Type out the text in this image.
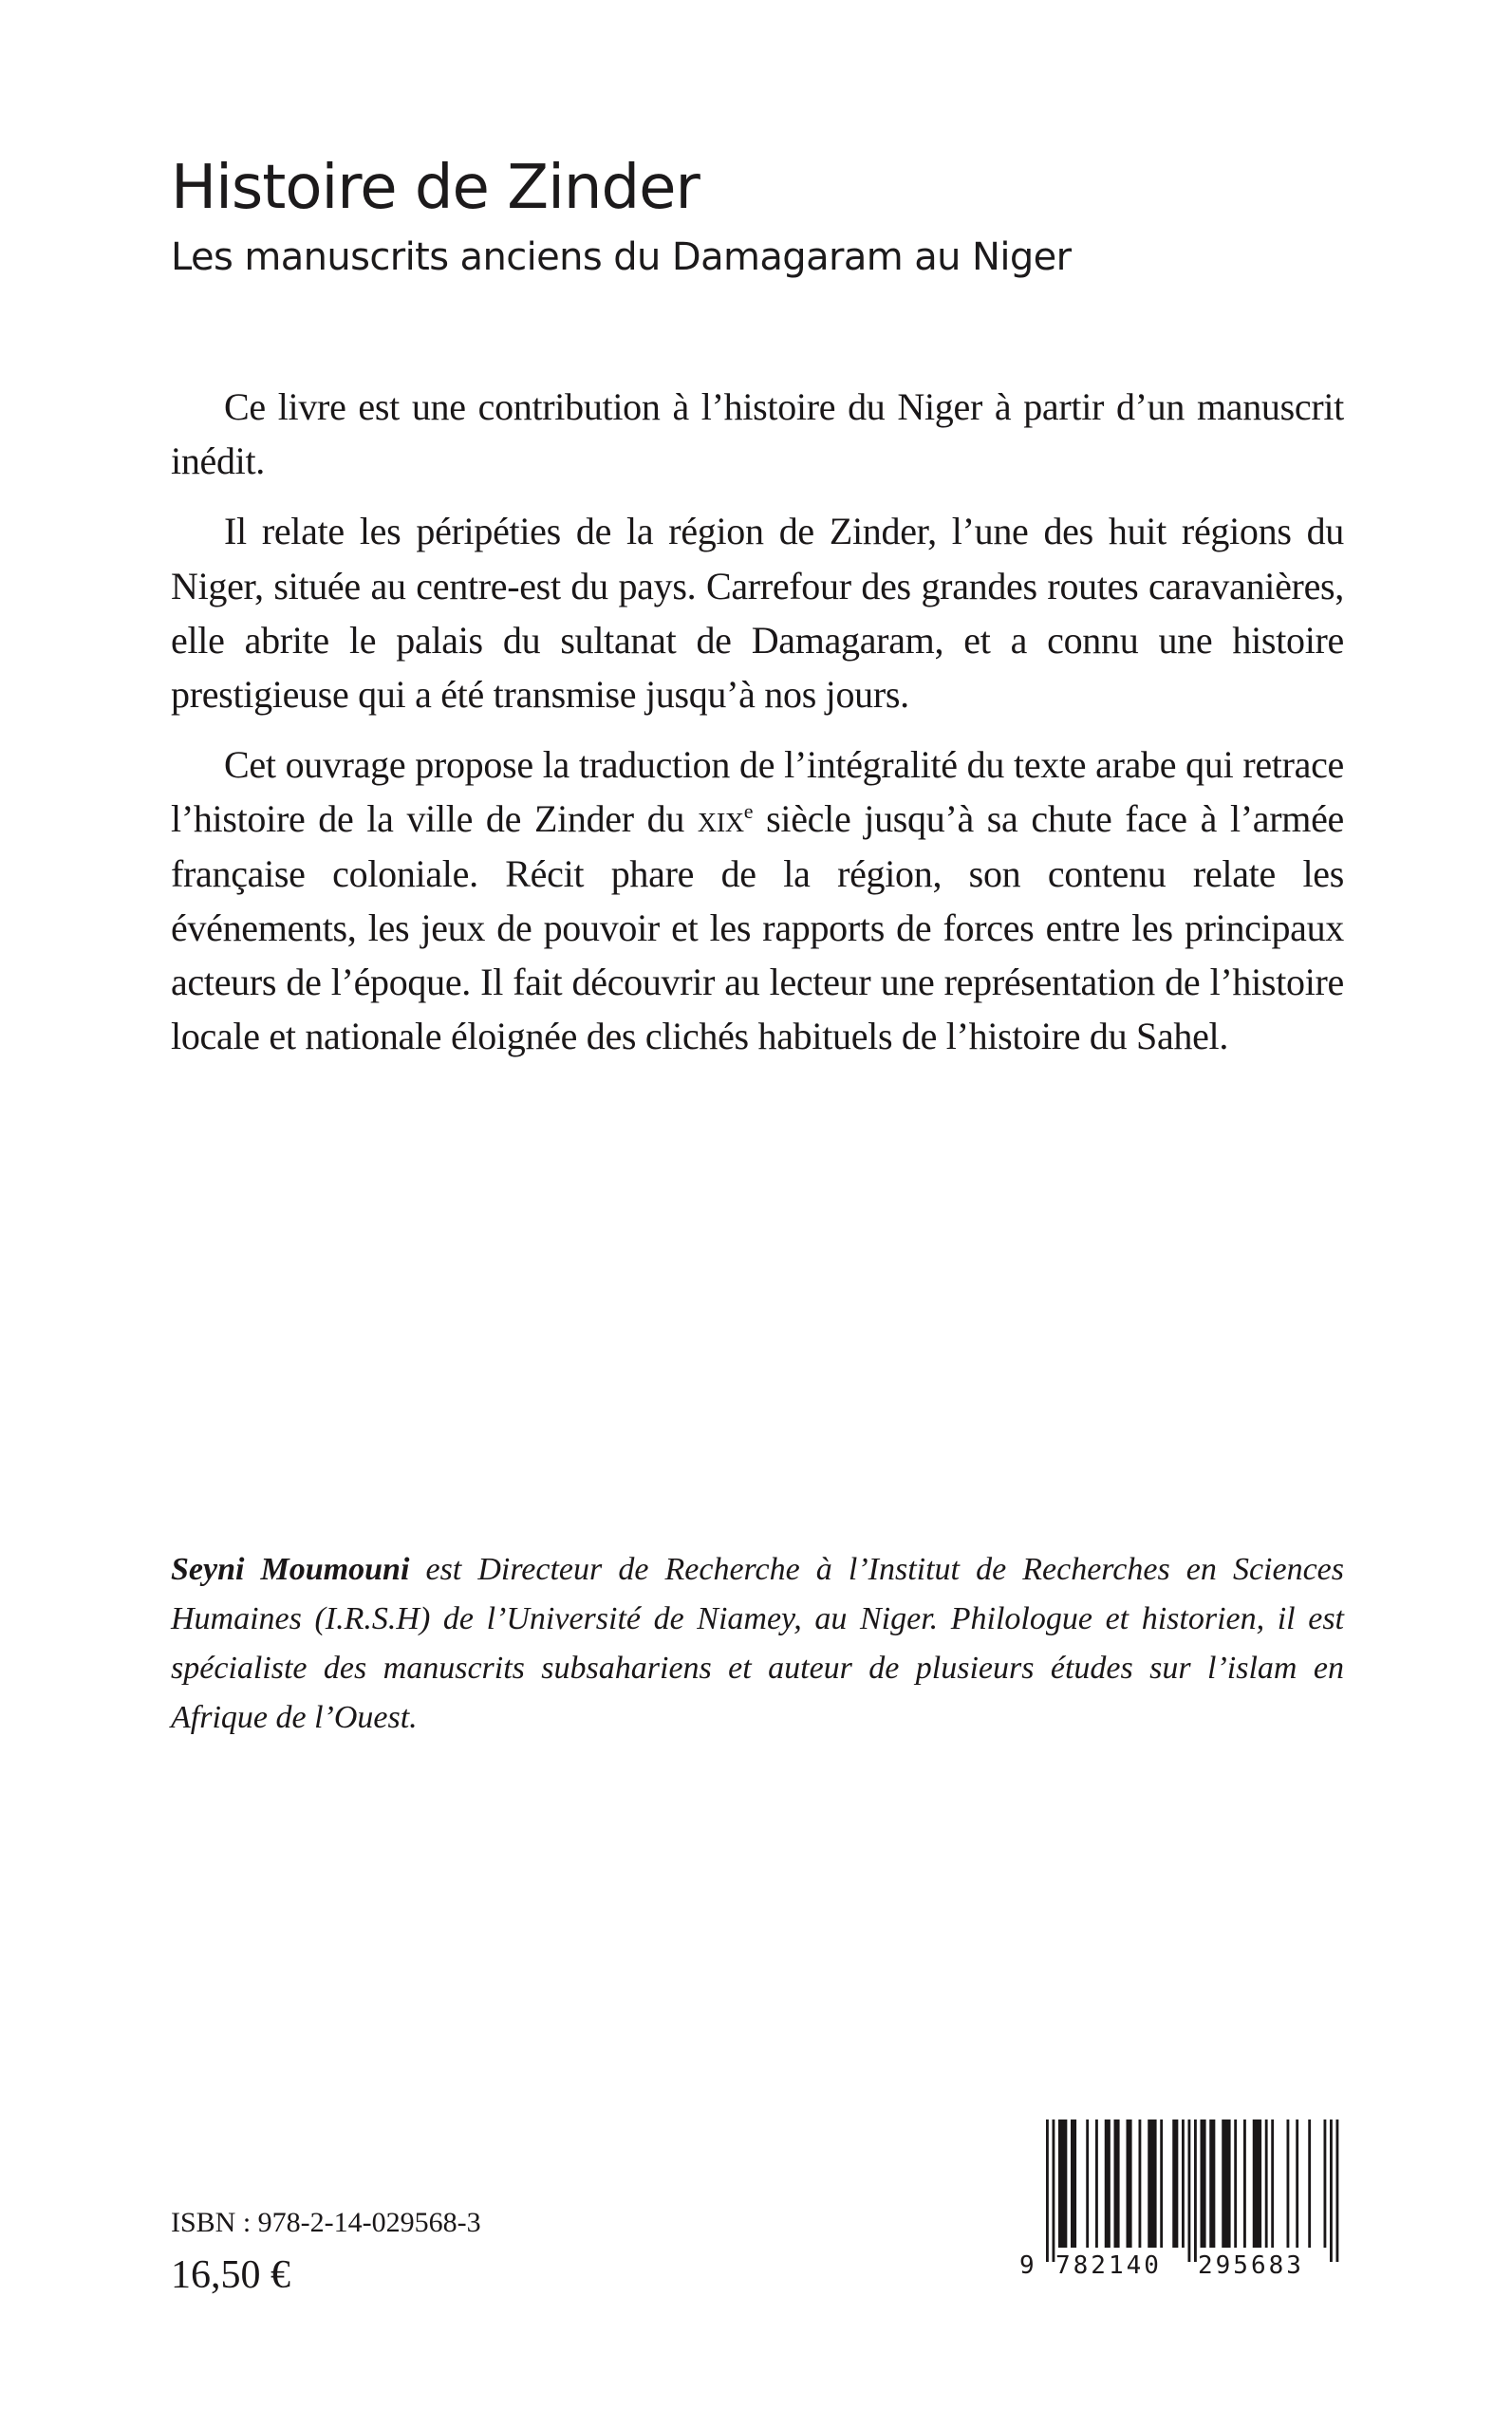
Histoire de Zinder
Les manuscrits anciens du Damagaram au Niger

Ce livre est une contribution à l’histoire du Niger à partir d’un manuscrit inédit.

Il relate les péripéties de la région de Zinder, l’une des huit régions du Niger, située au centre-est du pays. Carrefour des grandes routes caravanières, elle abrite le palais du sultanat de Damagaram, et a connu une histoire prestigieuse qui a été transmise jusqu’à nos jours.

Cet ouvrage propose la traduction de l’intégralité du texte arabe qui retrace l’histoire de la ville de Zinder du xix$^e$ siècle jusqu’à sa chute face à l’armée française coloniale. Récit phare de la région, son contenu relate les événements, les jeux de pouvoir et les rapports de forces entre les principaux acteurs de l’époque. Il fait découvrir au lecteur une représentation de l’histoire locale et nationale éloignée des clichés habituels de l’histoire du Sahel.

Seyni Moumouni est Directeur de Recherche à l’Institut de Recherches en Sciences Humaines (I.R.S.H) de l’Université de Niamey, au Niger. Philologue et historien, il est spécialiste des manuscrits subsahariens et auteur de plusieurs études sur l’islam en Afrique de l’Ouest.

ISBN : 978-2-14-029568-3
16,50 €	9 782140 295683
